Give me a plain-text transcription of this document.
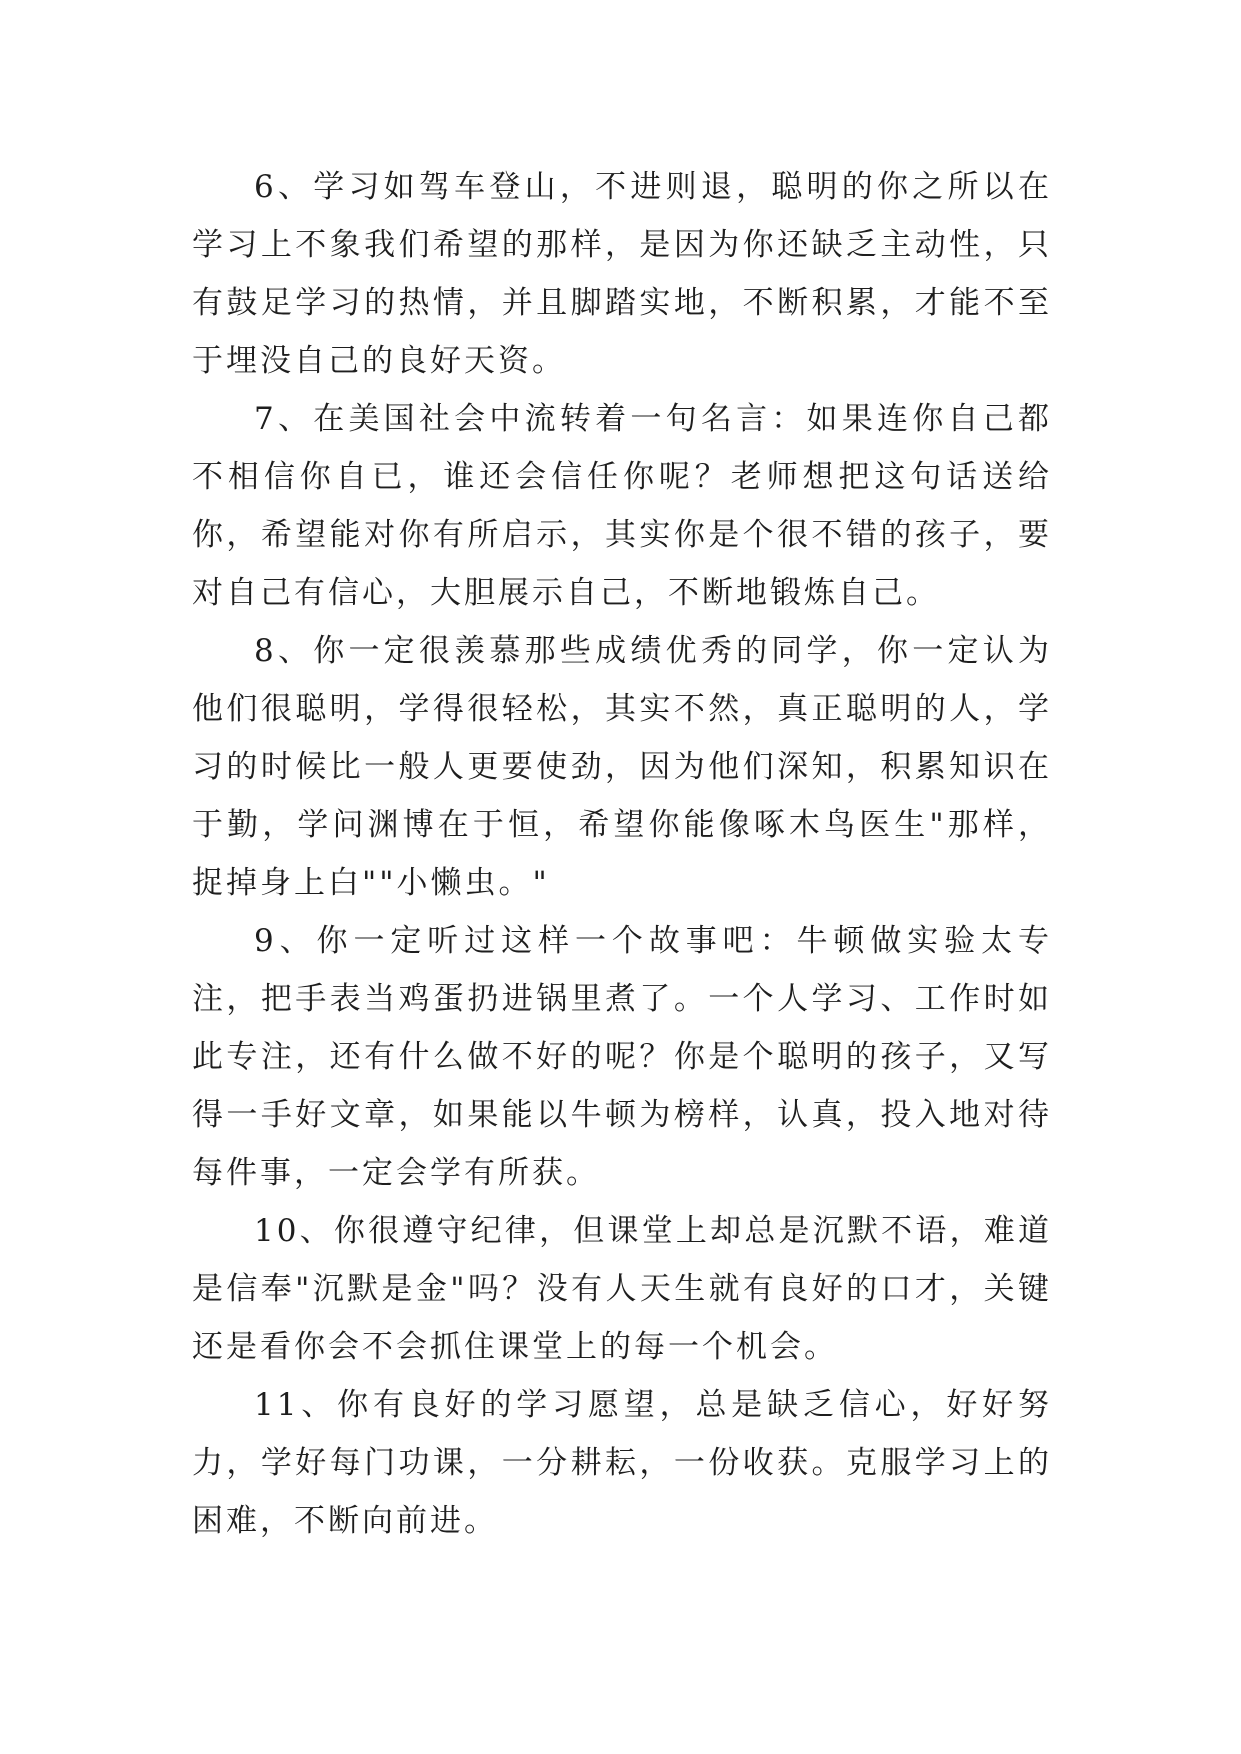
6、学习如驾车登山，不进则退，聪明的你之所以在学习上不象我们希望的那样，是因为你还缺乏主动性，只有鼓足学习的热情，并且脚踏实地，不断积累，才能不至于埋没自己的良好天资。

7、在美国社会中流转着一句名言：如果连你自己都不相信你自已，谁还会信任你呢？老师想把这句话送给你，希望能对你有所启示，其实你是个很不错的孩子，要对自己有信心，大胆展示自己，不断地锻炼自己。

8、你一定很羡慕那些成绩优秀的同学，你一定认为他们很聪明，学得很轻松，其实不然，真正聪明的人，学习的时候比一般人更要使劲，因为他们深知，积累知识在于勤，学问渊博在于恒，希望你能像啄木鸟医生"那样，捉掉身上白""小懒虫。"

9、你一定听过这样一个故事吧：牛顿做实验太专注，把手表当鸡蛋扔进锅里煮了。一个人学习、工作时如此专注，还有什么做不好的呢？你是个聪明的孩子，又写得一手好文章，如果能以牛顿为榜样，认真，投入地对待每件事，一定会学有所获。

10、你很遵守纪律，但课堂上却总是沉默不语，难道是信奉"沉默是金"吗？没有人天生就有良好的口才，关键还是看你会不会抓住课堂上的每一个机会。

11、你有良好的学习愿望，总是缺乏信心，好好努力，学好每门功课，一分耕耘，一份收获。克服学习上的困难，不断向前进。
